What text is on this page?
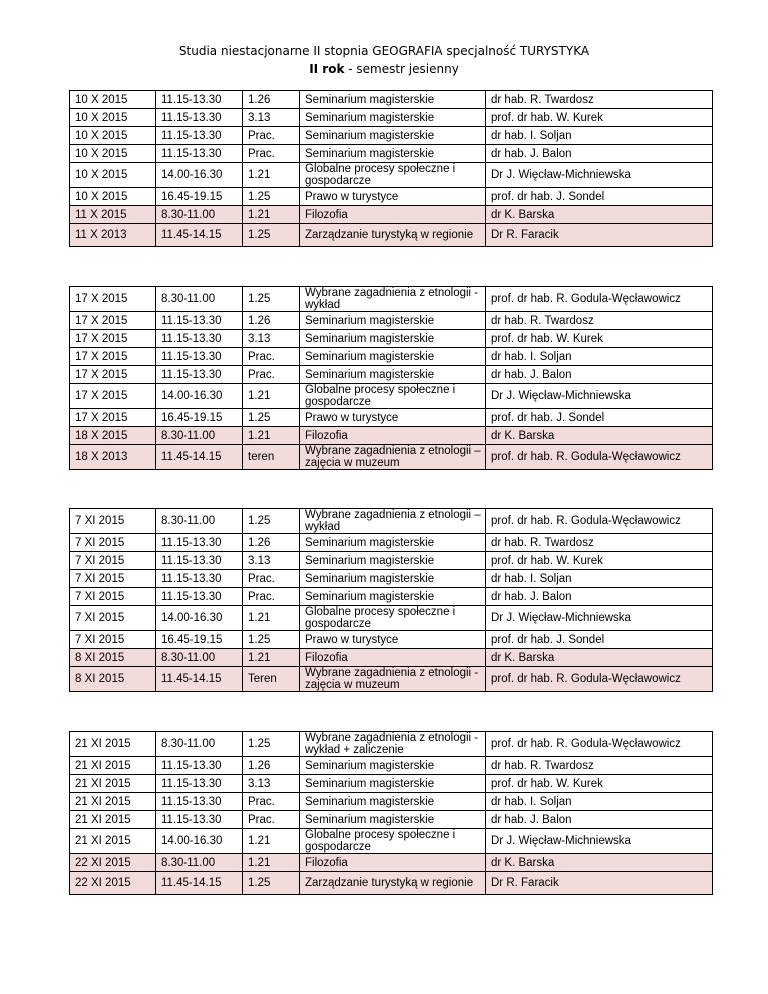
Studia niestacjonarne II stopnia GEOGRAFIA specjalność TURYSTYKA
II rok - semestr jesienny
10 X 2015	11.15-13.30	1.26	Seminarium magisterskie	dr hab. R. Twardosz
10 X 2015	11.15-13.30	3.13	Seminarium magisterskie	prof. dr hab. W. Kurek
10 X 2015	11.15-13.30	Prac.	Seminarium magisterskie	dr hab. I. Soljan
10 X 2015	11.15-13.30	Prac.	Seminarium magisterskie	dr hab. J. Balon
10 X 2015	14.00-16.30	1.21	Globalne procesy społeczne i gospodarcze	Dr J. Więcław-Michniewska
10 X 2015	16.45-19.15	1.25	Prawo w turystyce	prof. dr hab. J. Sondel
11 X 2015	8.30-11.00	1.21	Filozofia	dr K. Barska
11 X 2013	11.45-14.15	1.25	Zarządzanie turystyką w regionie	Dr R. Faracik
17 X 2015	8.30-11.00	1.25	Wybrane zagadnienia z etnologii - wykład	prof. dr hab. R. Godula-Węcławowicz
17 X 2015	11.15-13.30	1.26	Seminarium magisterskie	dr hab. R. Twardosz
17 X 2015	11.15-13.30	3.13	Seminarium magisterskie	prof. dr hab. W. Kurek
17 X 2015	11.15-13.30	Prac.	Seminarium magisterskie	dr hab. I. Soljan
17 X 2015	11.15-13.30	Prac.	Seminarium magisterskie	dr hab. J. Balon
17 X 2015	14.00-16.30	1.21	Globalne procesy społeczne i gospodarcze	Dr J. Więcław-Michniewska
17 X 2015	16.45-19.15	1.25	Prawo w turystyce	prof. dr hab. J. Sondel
18 X 2015	8.30-11.00	1.21	Filozofia	dr K. Barska
18 X 2013	11.45-14.15	teren	Wybrane zagadnienia z etnologii – zajęcia w muzeum	prof. dr hab. R. Godula-Węcławowicz
7 XI 2015	8.30-11.00	1.25	Wybrane zagadnienia z etnologii – wykład	prof. dr hab. R. Godula-Węcławowicz
7 XI 2015	11.15-13.30	1.26	Seminarium magisterskie	dr hab. R. Twardosz
7 XI 2015	11.15-13.30	3.13	Seminarium magisterskie	prof. dr hab. W. Kurek
7 XI 2015	11.15-13.30	Prac.	Seminarium magisterskie	dr hab. I. Soljan
7 XI 2015	11.15-13.30	Prac.	Seminarium magisterskie	dr hab. J. Balon
7 XI 2015	14.00-16.30	1.21	Globalne procesy społeczne i gospodarcze	Dr J. Więcław-Michniewska
7 XI 2015	16.45-19.15	1.25	Prawo w turystyce	prof. dr hab. J. Sondel
8 XI 2015	8.30-11.00	1.21	Filozofia	dr K. Barska
8 XI 2015	11.45-14.15	Teren	Wybrane zagadnienia z etnologii - zajęcia w muzeum	prof. dr hab. R. Godula-Węcławowicz
21 XI 2015	8.30-11.00	1.25	Wybrane zagadnienia z etnologii -wykład + zaliczenie	prof. dr hab. R. Godula-Węcławowicz
21 XI 2015	11.15-13.30	1.26	Seminarium magisterskie	dr hab. R. Twardosz
21 XI 2015	11.15-13.30	3.13	Seminarium magisterskie	prof. dr hab. W. Kurek
21 XI 2015	11.15-13.30	Prac.	Seminarium magisterskie	dr hab. I. Soljan
21 XI 2015	11.15-13.30	Prac.	Seminarium magisterskie	dr hab. J. Balon
21 XI 2015	14.00-16.30	1.21	Globalne procesy społeczne i gospodarcze	Dr J. Więcław-Michniewska
22 XI 2015	8.30-11.00	1.21	Filozofia	dr K. Barska
22 XI 2015	11.45-14.15	1.25	Zarządzanie turystyką w regionie	Dr R. Faracik
